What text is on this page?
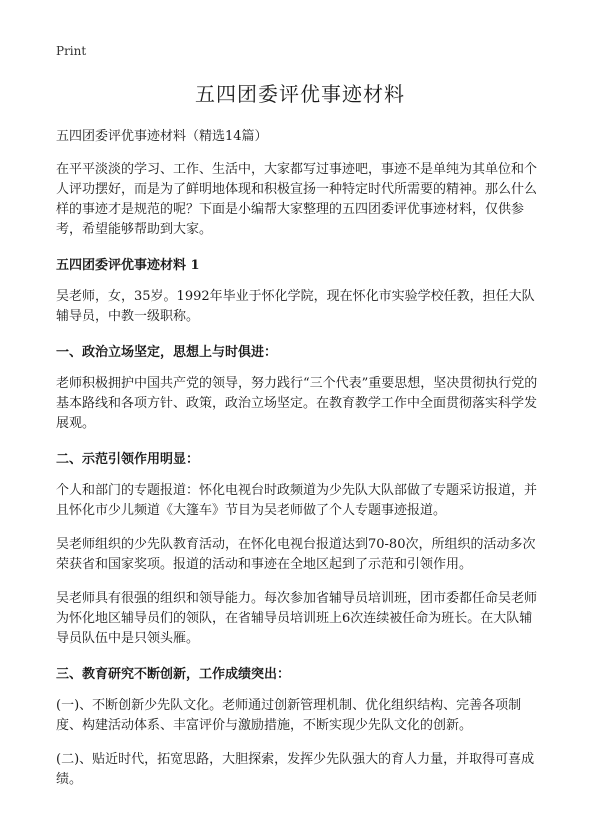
Print
五四团委评优事迹材料
五四团委评优事迹材料（精选14篇）

在平平淡淡的学习、工作、生活中，大家都写过事迹吧，事迹不是单纯为其单位和个人评功摆好，而是为了鲜明地体现和积极宣扬一种特定时代所需要的精神。那么什么样的事迹才是规范的呢？下面是小编帮大家整理的五四团委评优事迹材料，仅供参考，希望能够帮助到大家。

五四团委评优事迹材料 1

吴老师，女，35岁。1992年毕业于怀化学院，现在怀化市实验学校任教，担任大队辅导员，中教一级职称。

一、政治立场坚定，思想上与时俱进：

老师积极拥护中国共产党的领导，努力践行“三个代表”重要思想，坚决贯彻执行党的基本路线和各项方针、政策，政治立场坚定。在教育教学工作中全面贯彻落实科学发展观。

二、示范引领作用明显：

个人和部门的专题报道：怀化电视台时政频道为少先队大队部做了专题采访报道，并且怀化市少儿频道《大篷车》节目为吴老师做了个人专题事迹报道。

吴老师组织的少先队教育活动，在怀化电视台报道达到70-80次，所组织的活动多次荣获省和国家奖项。报道的活动和事迹在全地区起到了示范和引领作用。

吴老师具有很强的组织和领导能力。每次参加省辅导员培训班，团市委都任命吴老师为怀化地区辅导员们的领队，在省辅导员培训班上6次连续被任命为班长。在大队辅导员队伍中是只领头雁。

三、教育研究不断创新，工作成绩突出：

(一)、不断创新少先队文化。老师通过创新管理机制、优化组织结构、完善各项制度、构建活动体系、丰富评价与激励措施，不断实现少先队文化的创新。

(二)、贴近时代，拓宽思路，大胆探索，发挥少先队强大的育人力量，并取得可喜成绩。
